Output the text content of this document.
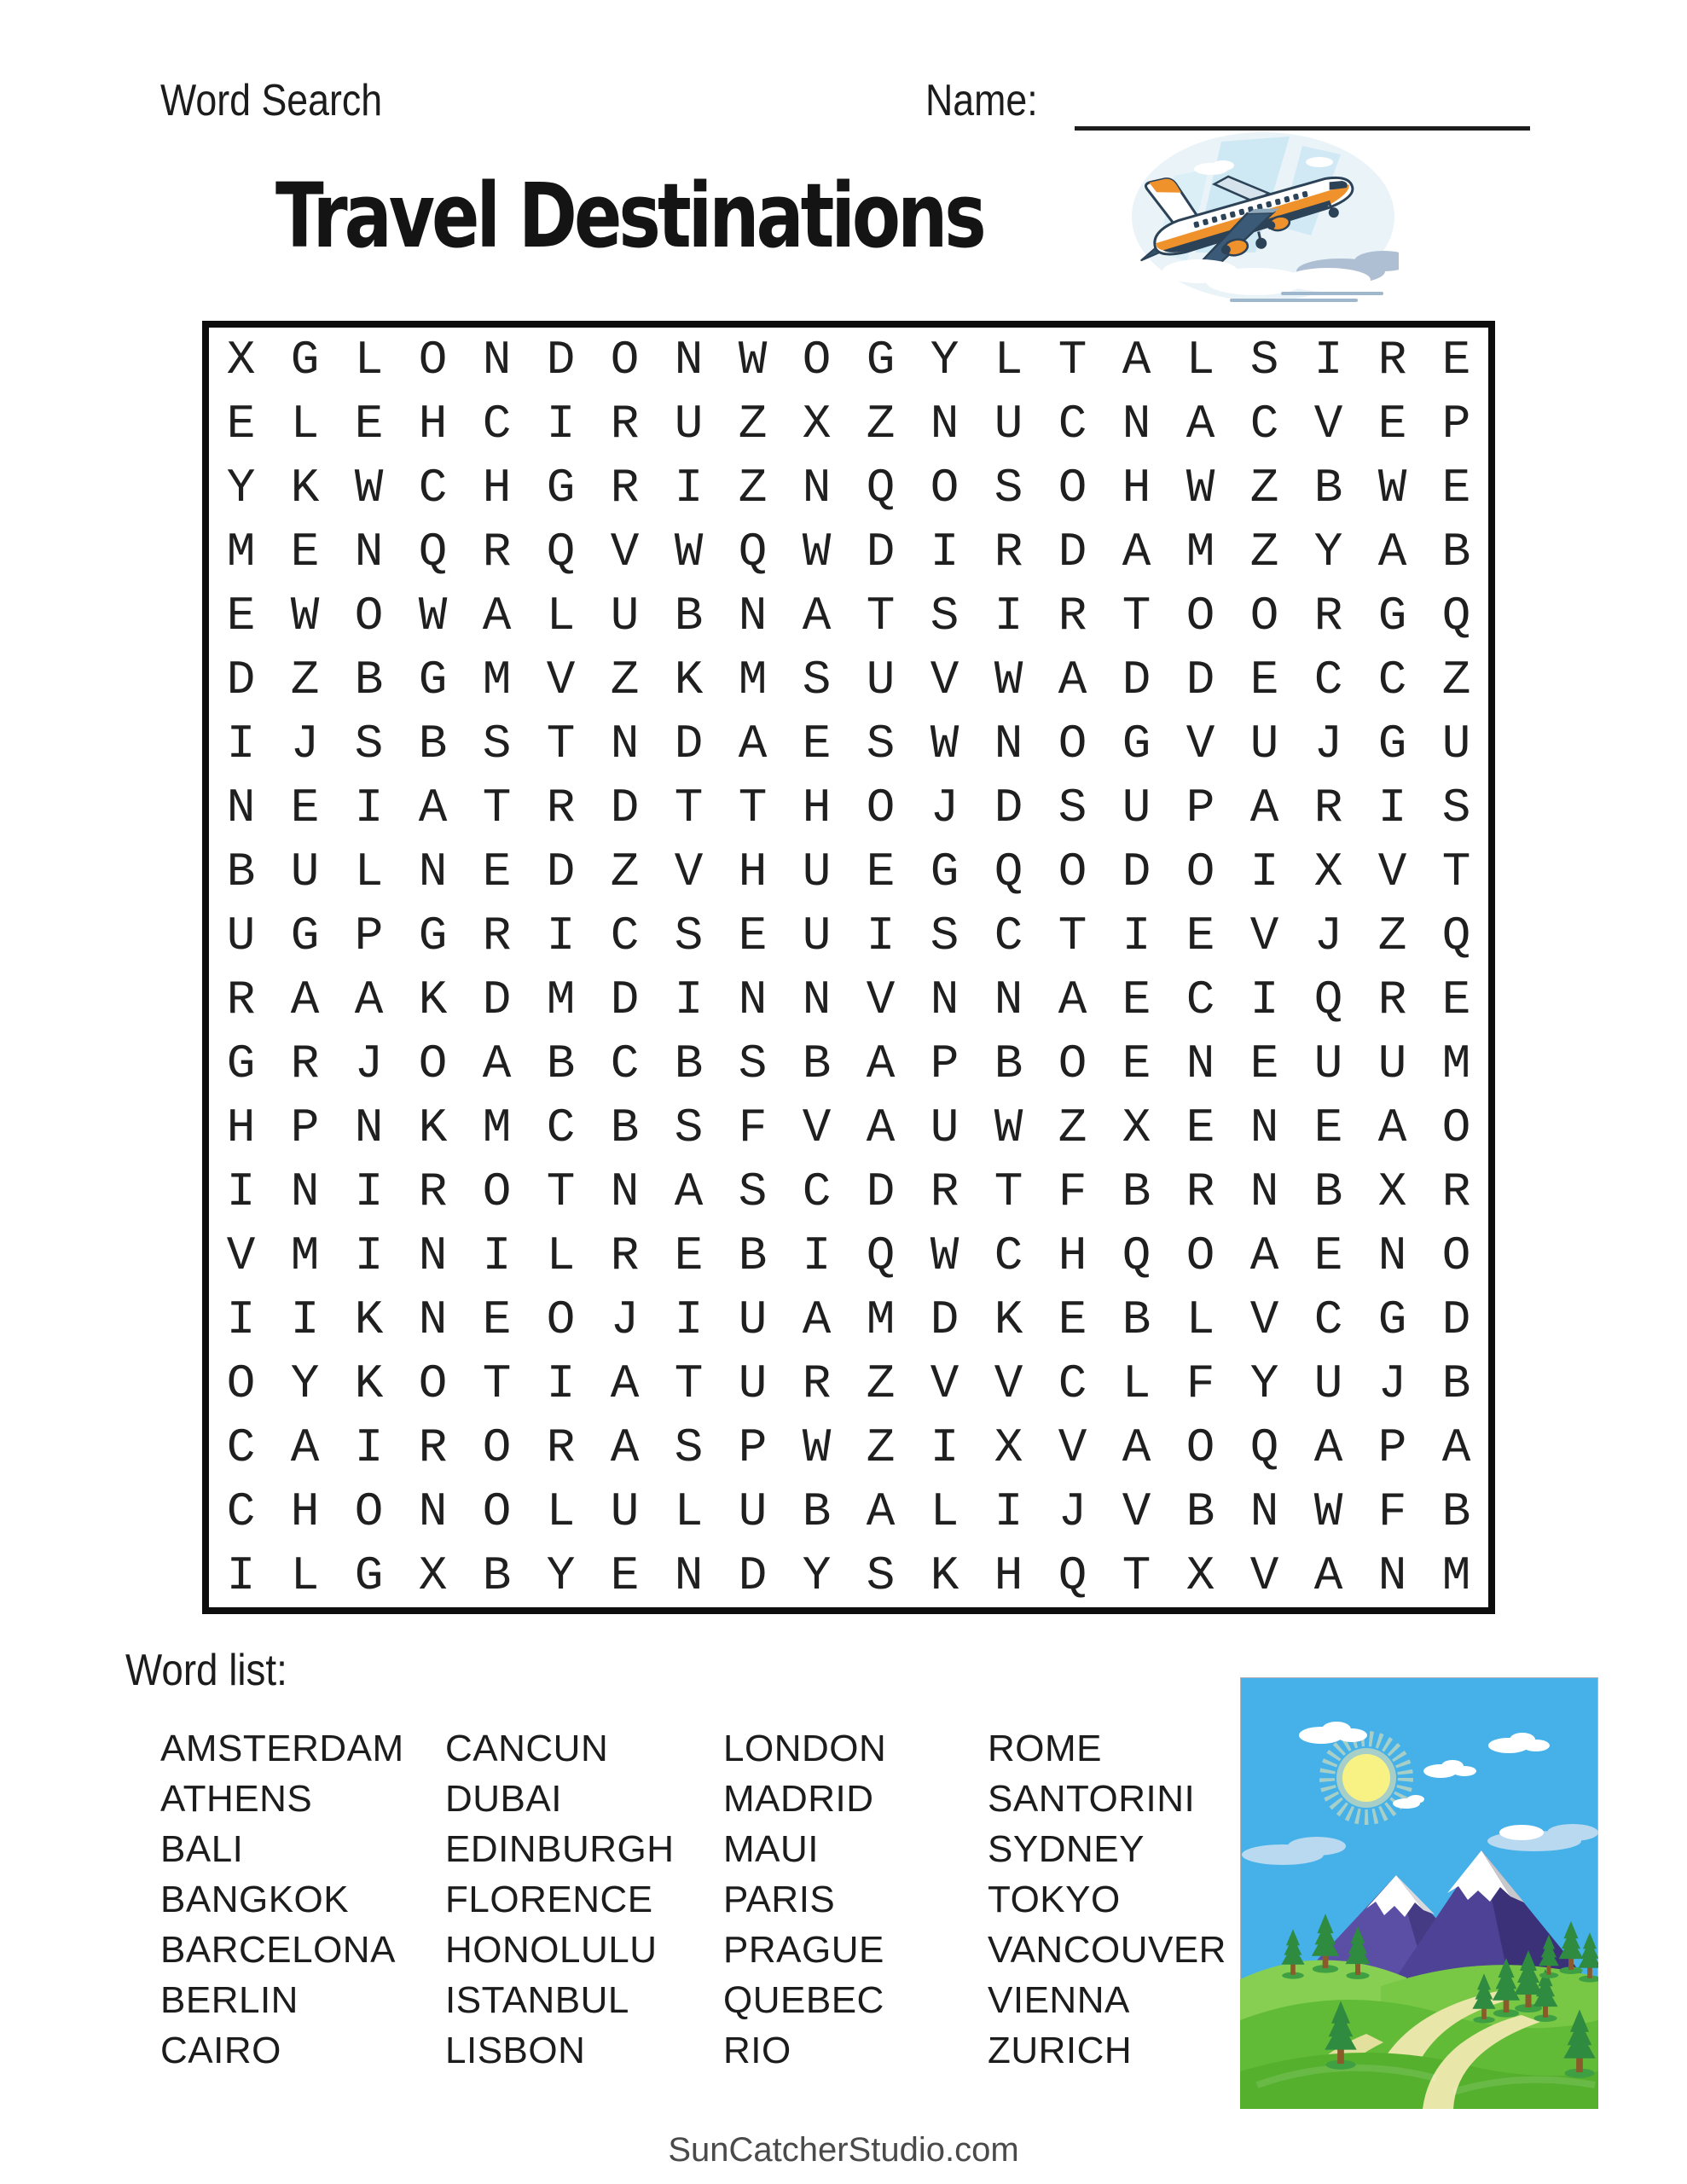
Word Search	Name:
Travel Destinations
X G L O N D O N W O G Y L T A L S I R E
E L E H C I R U Z X Z N U C N A C V E P
Y K W C H G R I Z N Q O S O H W Z B W E
M E N Q R Q V W Q W D I R D A M Z Y A B
E W O W A L U B N A T S I R T O O R G Q
D Z B G M V Z K M S U V W A D D E C C Z
I J S B S T N D A E S W N O G V U J G U
N E I A T R D T T H O J D S U P A R I S
B U L N E D Z V H U E G Q O D O I X V T
U G P G R I C S E U I S C T I E V J Z Q
R A A K D M D I N N V N N A E C I Q R E
G R J O A B C B S B A P B O E N E U U M
H P N K M C B S F V A U W Z X E N E A O
I N I R O T N A S C D R T F B R N B X R
V M I N I L R E B I Q W C H Q O A E N O
I I K N E O J I U A M D K E B L V C G D
O Y K O T I A T U R Z V V C L F Y U J B
C A I R O R A S P W Z I X V A O Q A P A
C H O N O L U L U B A L I J V B N W F B
I L G X B Y E N D Y S K H Q T X V A N M
Word list:
AMSTERDAM
ATHENS
BALI
BANGKOK
BARCELONA
BERLIN
CAIRO
CANCUN
DUBAI
EDINBURGH
FLORENCE
HONOLULU
ISTANBUL
LISBON
LONDON
MADRID
MAUI
PARIS
PRAGUE
QUEBEC
RIO
ROME
SANTORINI
SYDNEY
TOKYO
VANCOUVER
VIENNA
ZURICH
SunCatcherStudio.com
